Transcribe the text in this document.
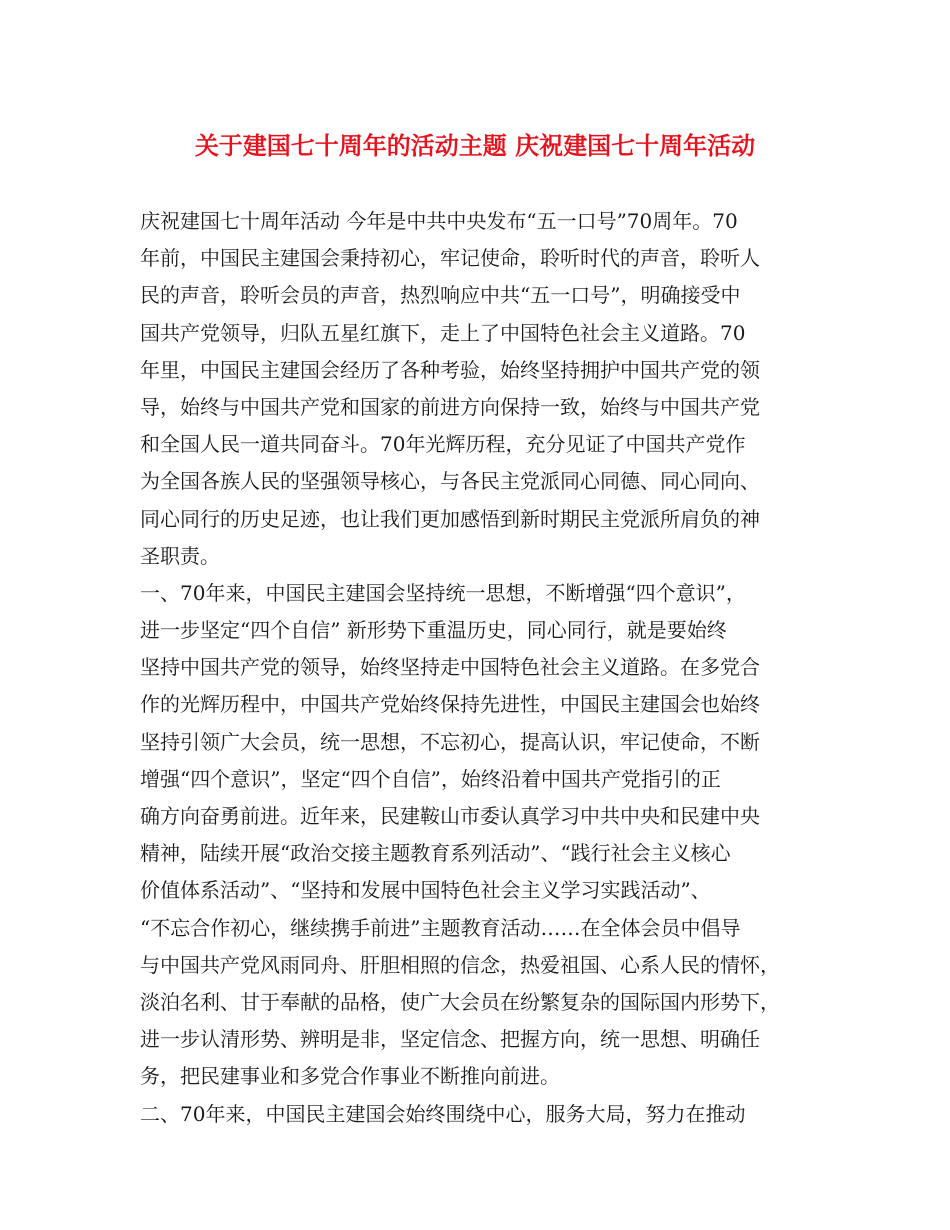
关于建国七十周年的活动主题 庆祝建国七十周年活动
庆祝建国七十周年活动 今年是中共中央发布“五一口号”70周年。70
年前，中国民主建国会秉持初心，牢记使命，聆听时代的声音，聆听人
民的声音，聆听会员的声音，热烈响应中共“五一口号”，明确接受中
国共产党领导，归队五星红旗下，走上了中国特色社会主义道路。70
年里，中国民主建国会经历了各种考验，始终坚持拥护中国共产党的领
导，始终与中国共产党和国家的前进方向保持一致，始终与中国共产党
和全国人民一道共同奋斗。70年光辉历程，充分见证了中国共产党作
为全国各族人民的坚强领导核心，与各民主党派同心同德、同心同向、
同心同行的历史足迹，也让我们更加感悟到新时期民主党派所肩负的神
圣职责。
一、70年来，中国民主建国会坚持统一思想，不断增强“四个意识”，
进一步坚定“四个自信” 新形势下重温历史，同心同行，就是要始终
坚持中国共产党的领导，始终坚持走中国特色社会主义道路。在多党合
作的光辉历程中，中国共产党始终保持先进性，中国民主建国会也始终
坚持引领广大会员，统一思想，不忘初心，提高认识，牢记使命，不断
增强“四个意识”，坚定“四个自信”，始终沿着中国共产党指引的正
确方向奋勇前进。近年来，民建鞍山市委认真学习中共中央和民建中央
精神，陆续开展“政治交接主题教育系列活动”、“践行社会主义核心
价值体系活动”、“坚持和发展中国特色社会主义学习实践活动”、
“不忘合作初心，继续携手前进”主题教育活动……在全体会员中倡导
与中国共产党风雨同舟、肝胆相照的信念，热爱祖国、心系人民的情怀，
淡泊名利、甘于奉献的品格，使广大会员在纷繁复杂的国际国内形势下，
进一步认清形势、辨明是非，坚定信念、把握方向，统一思想、明确任
务，把民建事业和多党合作事业不断推向前进。
二、70年来，中国民主建国会始终围绕中心，服务大局，努力在推动
